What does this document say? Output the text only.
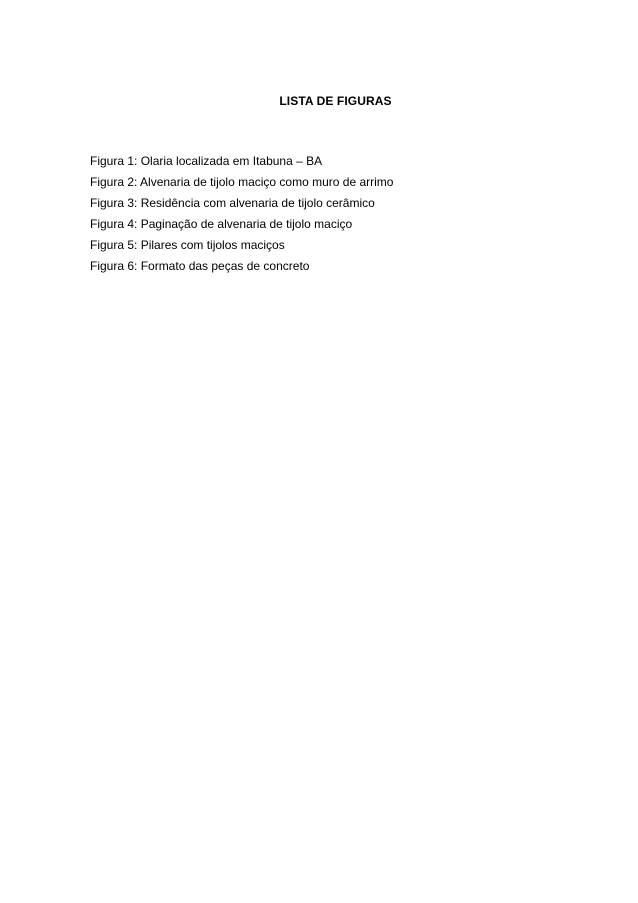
LISTA DE FIGURAS
Figura 1: Olaria localizada em Itabuna – BA
Figura 2: Alvenaria de tijolo maciço como muro de arrimo
Figura 3: Residência com alvenaria de tijolo cerâmico
Figura 4: Paginação de alvenaria de tijolo maciço
Figura 5: Pilares com tijolos maciços
Figura 6: Formato das peças de concreto
